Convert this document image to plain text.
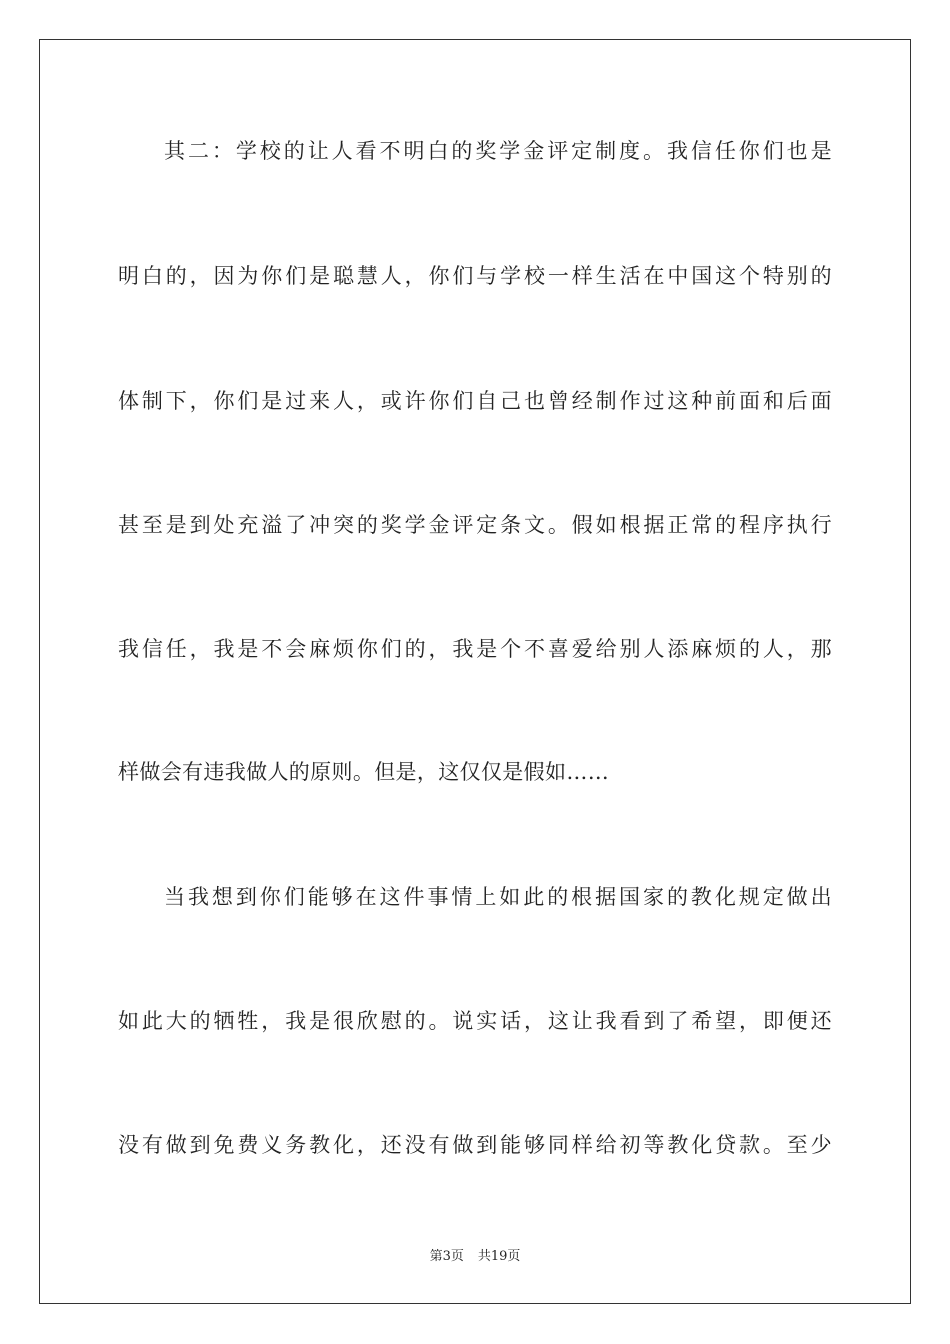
其二：学校的让人看不明白的奖学金评定制度。我信任你们也是
明白的，因为你们是聪慧人，你们与学校一样生活在中国这个特别的
体制下，你们是过来人，或许你们自己也曾经制作过这种前面和后面
甚至是到处充溢了冲突的奖学金评定条文。假如根据正常的程序执行
我信任，我是不会麻烦你们的，我是个不喜爱给别人添麻烦的人，那
样做会有违我做人的原则。但是，这仅仅是假如……
当我想到你们能够在这件事情上如此的根据国家的教化规定做出
如此大的牺牲，我是很欣慰的。说实话，这让我看到了希望，即便还
没有做到免费义务教化，还没有做到能够同样给初等教化贷款。至少
第3页 共19页
